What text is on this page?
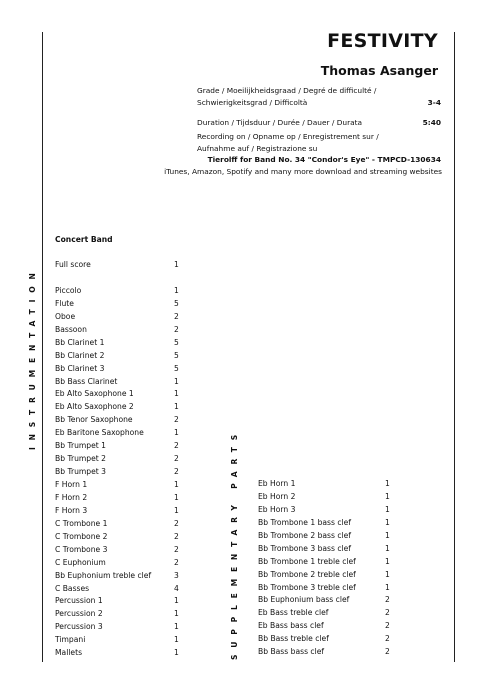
FESTIVITY
Thomas Asanger
Grade / Moeilijkheidsgraad / Degré de difficulté /
Schwierigkeitsgrad / Difficoltà	3-4
Duration / Tijdsduur / Durée / Dauer / Durata	5:40
Recording on / Opname op / Enregistrement sur /
Aufnahme auf / Registrazione su
Tierolff for Band No. 34 "Condor's Eye" - TMPCD-130634
iTunes, Amazon, Spotify and many more download and streaming websites
INSTRUMENTATION
SUPPLEMENTARY PARTS
Concert Band
Full score	1
Piccolo	1
Flute	5
Oboe	2
Bassoon	2
Bb Clarinet 1	5
Bb Clarinet 2	5
Bb Clarinet 3	5
Bb Bass Clarinet	1
Eb Alto Saxophone 1	1
Eb Alto Saxophone 2	1
Bb Tenor Saxophone	2
Eb Baritone Saxophone	1
Bb Trumpet 1	2
Bb Trumpet 2	2
Bb Trumpet 3	2
F Horn 1	1
F Horn 2	1
F Horn 3	1
C Trombone 1	2
C Trombone 2	2
C Trombone 3	2
C Euphonium	2
Bb Euphonium treble clef	3
C Basses	4
Percussion 1	1
Percussion 2	1
Percussion 3	1
Timpani	1
Mallets	1
Eb Horn 1	1
Eb Horn 2	1
Eb Horn 3	1
Bb Trombone 1 bass clef	1
Bb Trombone 2 bass clef	1
Bb Trombone 3 bass clef	1
Bb Trombone 1 treble clef	1
Bb Trombone 2 treble clef	1
Bb Trombone 3 treble clef	1
Bb Euphonium bass clef	2
Eb Bass treble clef	2
Eb Bass bass clef	2
Bb Bass treble clef	2
Bb Bass bass clef	2
